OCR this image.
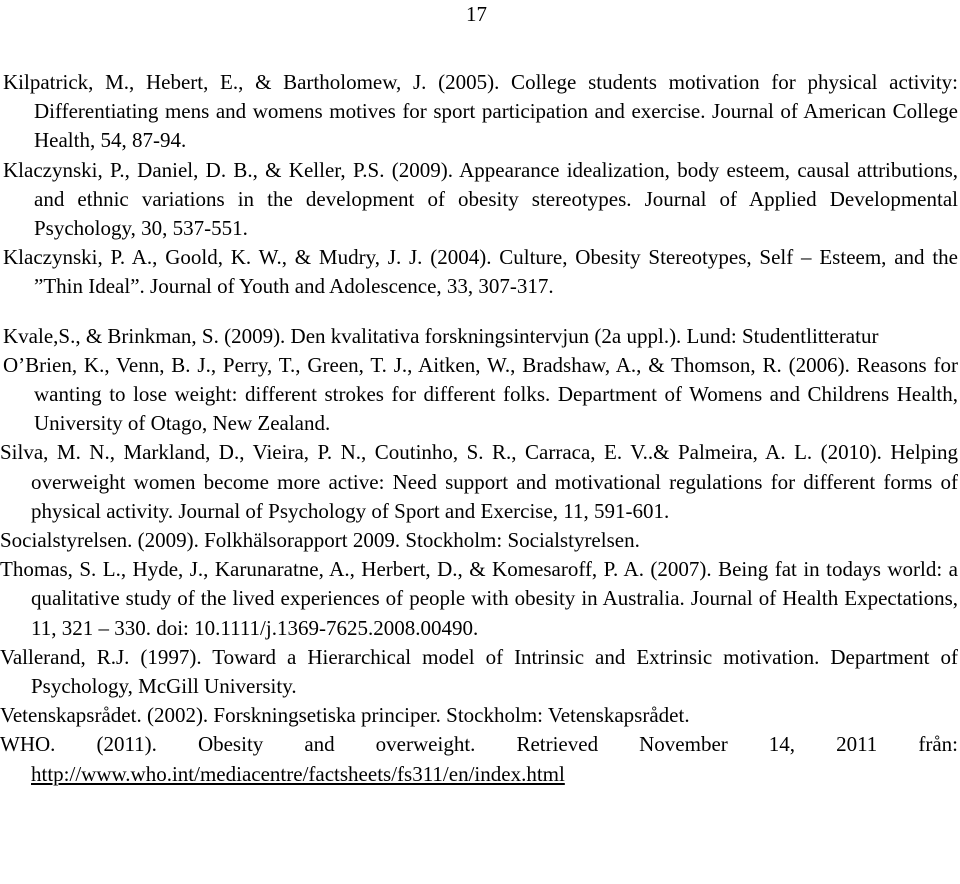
17
Kilpatrick, M., Hebert, E., & Bartholomew, J. (2005). College students motivation for physical activity: Differentiating mens and womens motives for sport participation and exercise. Journal of American College Health, 54, 87-94.
Klaczynski, P., Daniel, D. B., & Keller, P.S. (2009). Appearance idealization, body esteem, causal attributions, and ethnic variations in the development of obesity stereotypes. Journal of Applied Developmental Psychology, 30, 537-551.
Klaczynski, P. A., Goold, K. W., & Mudry, J. J. (2004). Culture, Obesity Stereotypes, Self – Esteem, and the ”Thin Ideal”. Journal of Youth and Adolescence, 33, 307-317.
Kvale,S., & Brinkman, S. (2009). Den kvalitativa forskningsintervjun (2a uppl.). Lund: Studentlitteratur
O’Brien, K., Venn, B. J., Perry, T., Green, T. J., Aitken, W., Bradshaw, A., & Thomson, R. (2006). Reasons for wanting to lose weight: different strokes for different folks. Department of Womens and Childrens Health, University of Otago, New Zealand.
Silva, M. N., Markland, D., Vieira, P. N., Coutinho, S. R., Carraca, E. V..& Palmeira, A. L. (2010). Helping overweight women become more active: Need support and motivational regulations for different forms of physical activity. Journal of Psychology of Sport and Exercise, 11, 591-601.
Socialstyrelsen. (2009). Folkhälsorapport 2009. Stockholm: Socialstyrelsen.
Thomas, S. L., Hyde, J., Karunaratne, A., Herbert, D., & Komesaroff, P. A. (2007). Being fat in todays world: a qualitative study of the lived experiences of people with obesity in Australia. Journal of Health Expectations, 11, 321 – 330. doi: 10.1111/j.1369-7625.2008.00490.
Vallerand, R.J. (1997). Toward a Hierarchical model of Intrinsic and Extrinsic motivation. Department of Psychology, McGill University.
Vetenskapsrådet. (2002). Forskningsetiska principer. Stockholm: Vetenskapsrådet.
WHO. (2011). Obesity and overweight. Retrieved November 14, 2011 från: http://www.who.int/mediacentre/factsheets/fs311/en/index.html
